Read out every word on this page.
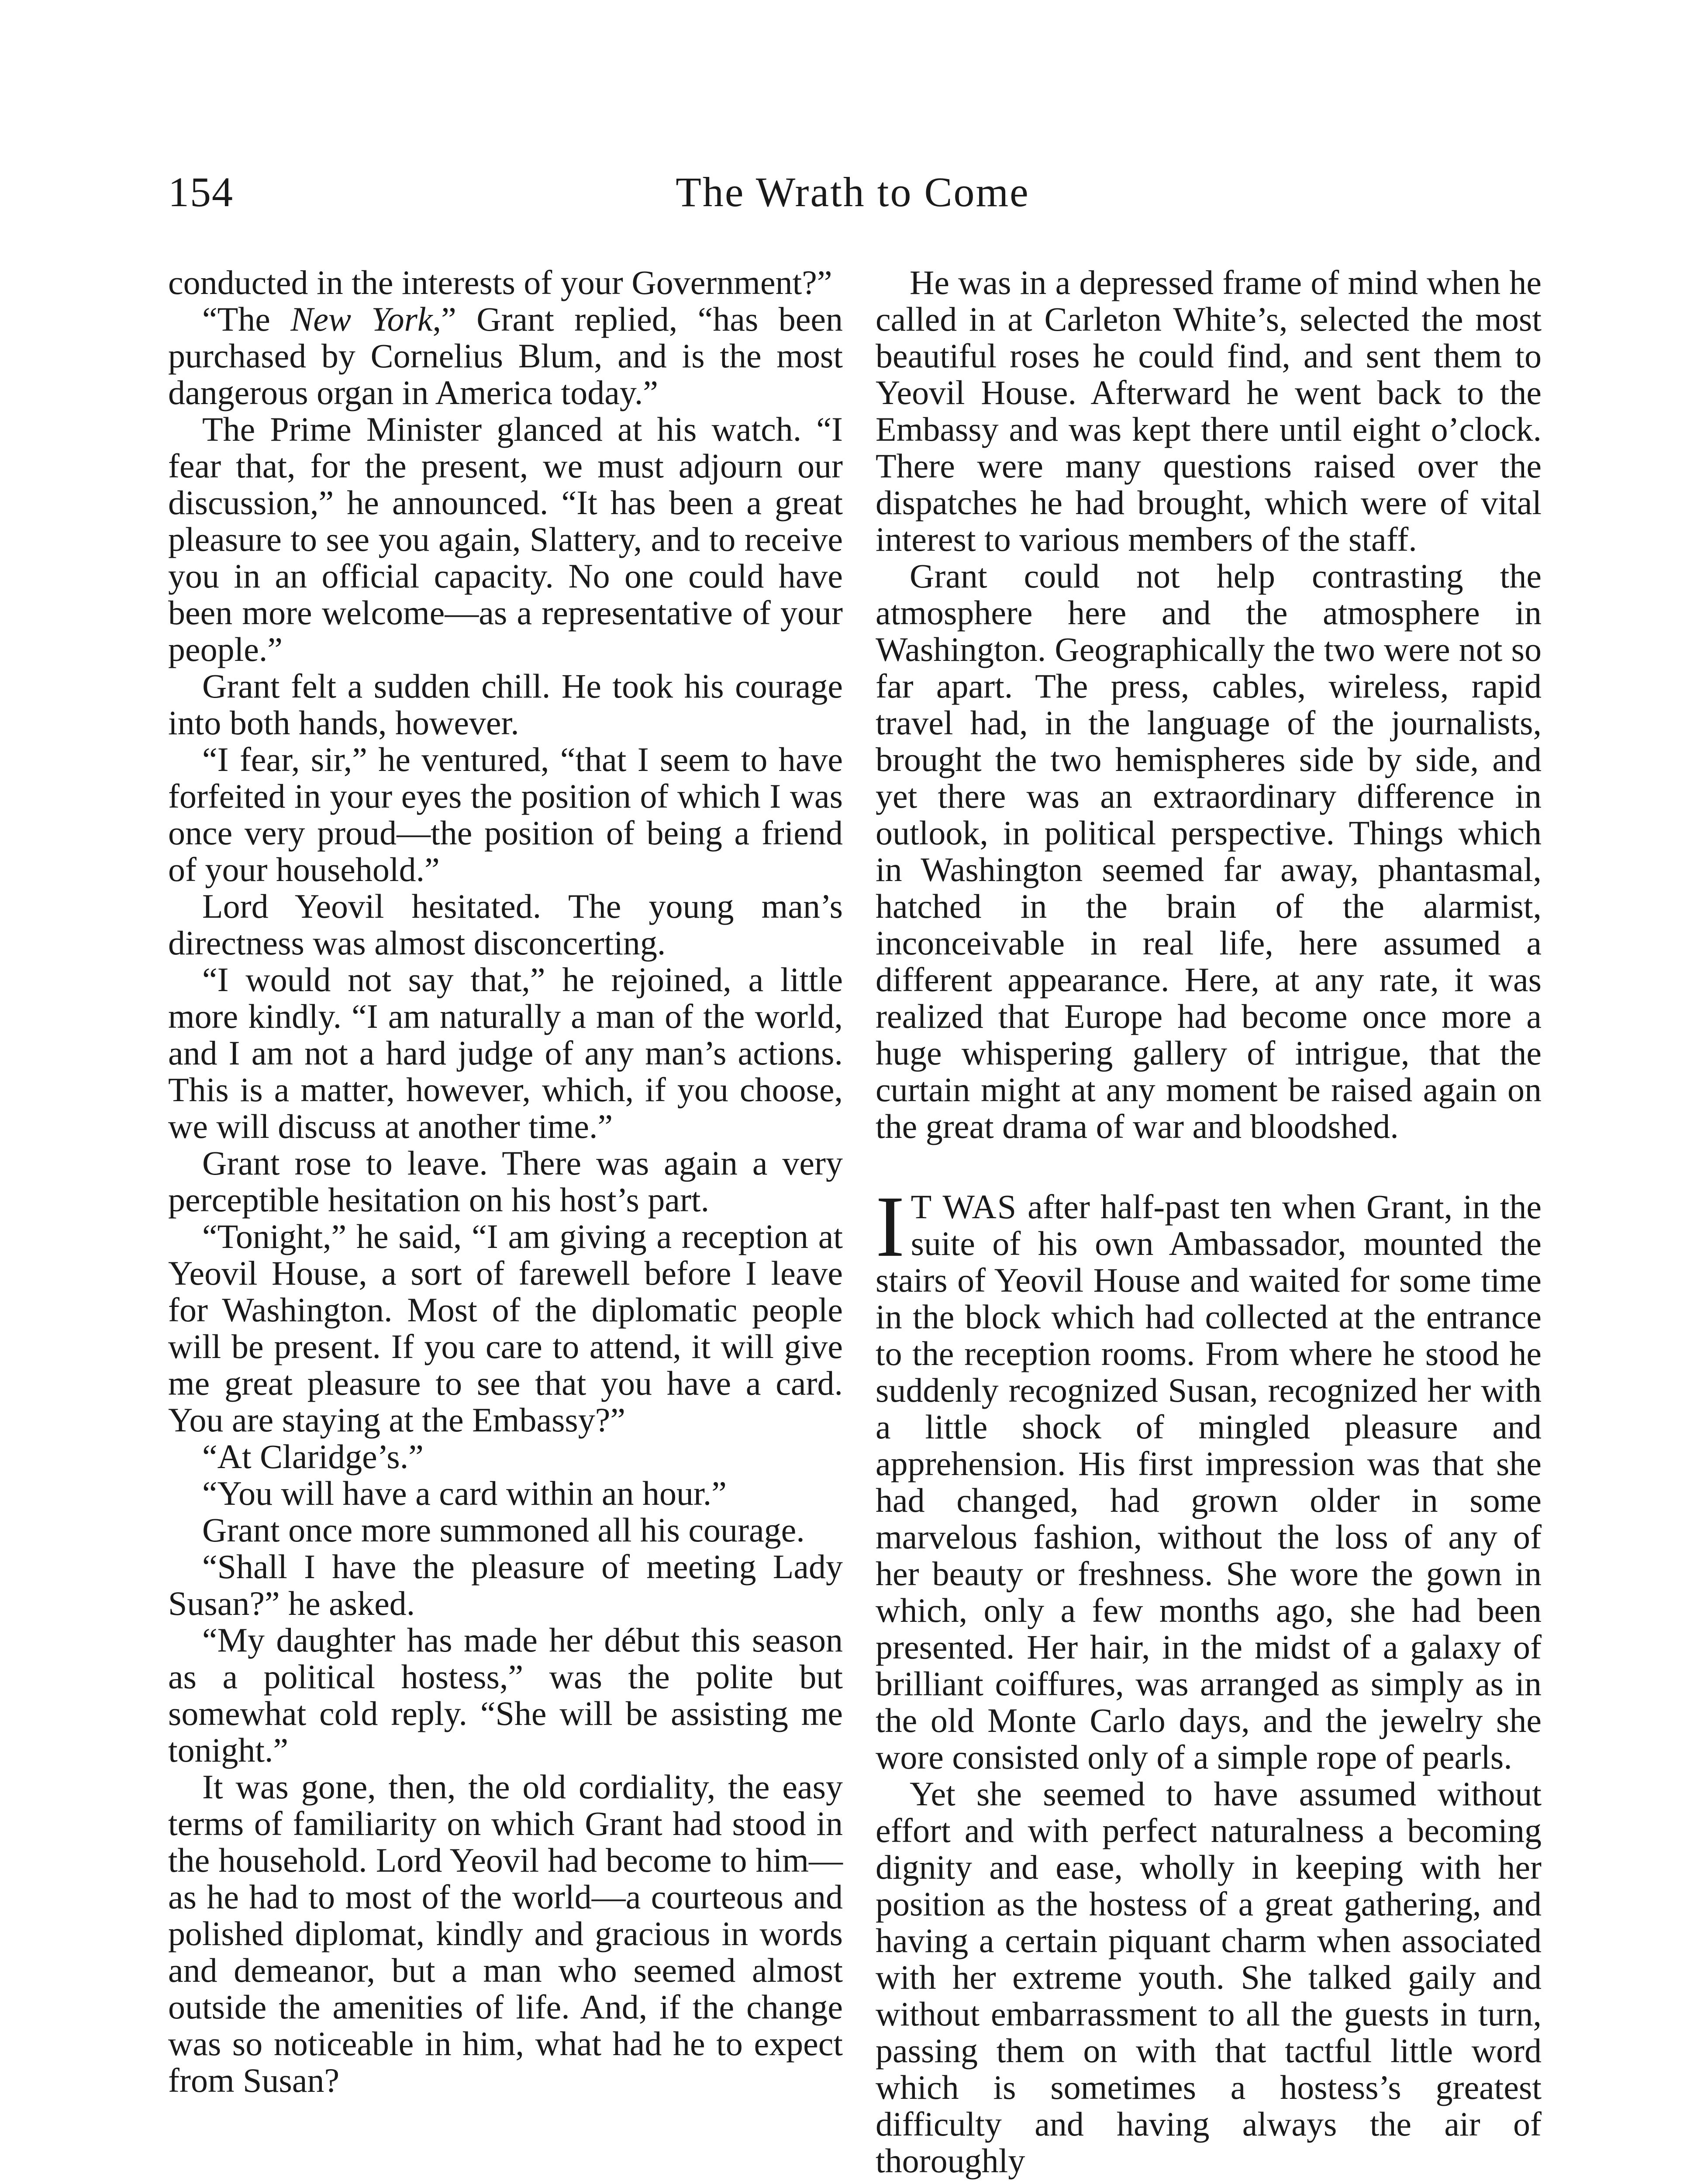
154	The Wrath to Come

conducted in the interests of your Government?”

“The New York,” Grant replied, “has been purchased by Cornelius Blum, and is the most dangerous organ in America today.”

The Prime Minister glanced at his watch. “I fear that, for the present, we must adjourn our discussion,” he announced. “It has been a great pleasure to see you again, Slattery, and to receive you in an official capacity. No one could have been more welcome—as a representative of your people.”

Grant felt a sudden chill. He took his courage into both hands, however.

“I fear, sir,” he ventured, “that I seem to have forfeited in your eyes the position of which I was once very proud—the position of being a friend of your household.”

Lord Yeovil hesitated. The young man’s directness was almost disconcerting.

“I would not say that,” he rejoined, a little more kindly. “I am naturally a man of the world, and I am not a hard judge of any man’s actions. This is a matter, however, which, if you choose, we will discuss at another time.”

Grant rose to leave. There was again a very perceptible hesitation on his host’s part.

“Tonight,” he said, “I am giving a reception at Yeovil House, a sort of farewell before I leave for Washington. Most of the diplomatic people will be present. If you care to attend, it will give me great pleasure to see that you have a card. You are staying at the Embassy?”

“At Claridge’s.”

“You will have a card within an hour.”

Grant once more summoned all his courage.

“Shall I have the pleasure of meeting Lady Susan?” he asked.

“My daughter has made her début this season as a political hostess,” was the polite but somewhat cold reply. “She will be assisting me tonight.”

It was gone, then, the old cordiality, the easy terms of familiarity on which Grant had stood in the household. Lord Yeovil had become to him—as he had to most of the world—a courteous and polished diplomat, kindly and gracious in words and demeanor, but a man who seemed almost outside the amenities of life. And, if the change was so noticeable in him, what had he to expect from Susan?

He was in a depressed frame of mind when he called in at Carleton White’s, selected the most beautiful roses he could find, and sent them to Yeovil House. Afterward he went back to the Embassy and was kept there until eight o’clock. There were many questions raised over the dispatches he had brought, which were of vital interest to various members of the staff.

Grant could not help contrasting the atmosphere here and the atmosphere in Washington. Geographically the two were not so far apart. The press, cables, wireless, rapid travel had, in the language of the journalists, brought the two hemispheres side by side, and yet there was an extraordinary difference in outlook, in political perspective. Things which in Washington seemed far away, phantasmal, hatched in the brain of the alarmist, inconceivable in real life, here assumed a different appearance. Here, at any rate, it was realized that Europe had become once more a huge whispering gallery of intrigue, that the curtain might at any moment be raised again on the great drama of war and bloodshed.

I T WAS after half-past ten when Grant, in the suite of his own Ambassador, mounted the stairs of Yeovil House and waited for some time in the block which had collected at the entrance to the reception rooms. From where he stood he suddenly recognized Susan, recognized her with a little shock of mingled pleasure and apprehension. His first impression was that she had changed, had grown older in some marvelous fashion, without the loss of any of her beauty or freshness. She wore the gown in which, only a few months ago, she had been presented. Her hair, in the midst of a galaxy of brilliant coiffures, was arranged as simply as in the old Monte Carlo days, and the jewelry she wore consisted only of a simple rope of pearls.

Yet she seemed to have assumed without effort and with perfect naturalness a becoming dignity and ease, wholly in keeping with her position as the hostess of a great gathering, and having a certain piquant charm when associated with her extreme youth. She talked gaily and without embarrassment to all the guests in turn, passing them on with that tactful little word which is sometimes a hostess’s greatest difficulty and having always the air of thoroughly
